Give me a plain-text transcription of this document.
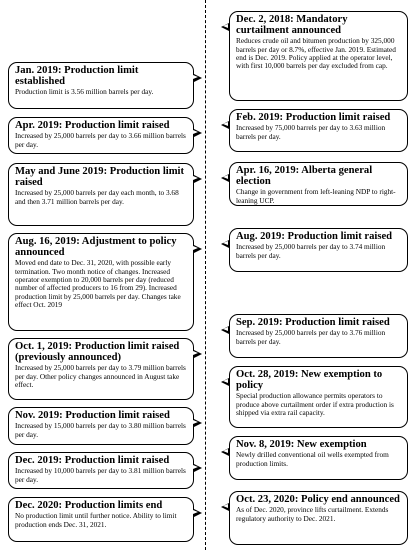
Dec. 2, 2018: Mandatory curtailment announced
Reduces crude oil and bitumen production by 325,000 barrels per day or 8.7%, effective Jan. 2019. Estimated end is Dec. 2019. Policy applied at the operator level, with first 10,000 barrels per day excluded from cap.
Feb. 2019: Production limit raised
Increased by 75,000 barrels per day to 3.63 million barrels per day.
Apr. 16, 2019: Alberta general election
Change in government from left-leaning NDP to right-leaning UCP.
Aug. 2019: Production limit raised
Increased by 25,000 barrels per day to 3.74 million barrels per day.
Sep. 2019: Production limit raised
Increased by 25,000 barrels per day to 3.76 million barrels per day.
Oct. 28, 2019: New exemption to policy
Special production allowance permits operators to produce above curtailment order if extra production is shipped via extra rail capacity.
Nov. 8, 2019: New exemption
Newly drilled conventional oil wells exempted from production limits.
Oct. 23, 2020: Policy end announced
As of Dec. 2020, province lifts curtailment. Extends regulatory authority to Dec. 2021.
Jan. 2019: Production limit established
Production limit is 3.56 million barrels per day.
Apr. 2019: Production limit raised
Increased by 25,000 barrels per day to 3.66 million barrels per day.
May and June 2019: Production limit raised
Increased by 25,000 barrels per day each month, to 3.68 and then 3.71 million barrels per day.
Aug. 16, 2019: Adjustment to policy announced
Moved end date to Dec. 31, 2020, with possible early termination. Two month notice of changes. Increased operator exemption to 20,000 barrels per day (reduced number of affected producers to 16 from 29). Increased production limit by 25,000 barrels per day. Changes take effect Oct. 2019
Oct. 1, 2019: Production limit raised (previously announced)
Increased by 25,000 barrels per day to 3.79 million barrels per day. Other policy changes announced in August take effect.
Nov. 2019: Production limit raised
Increased by 15,000 barrels per day to 3.80 million barrels per day.
Dec. 2019: Production limit raised
Increased by 10,000 barrels per day to 3.81 million barrels per day.
Dec. 2020: Production limits end
No production limit until further notice. Ability to limit production ends Dec. 31, 2021.
